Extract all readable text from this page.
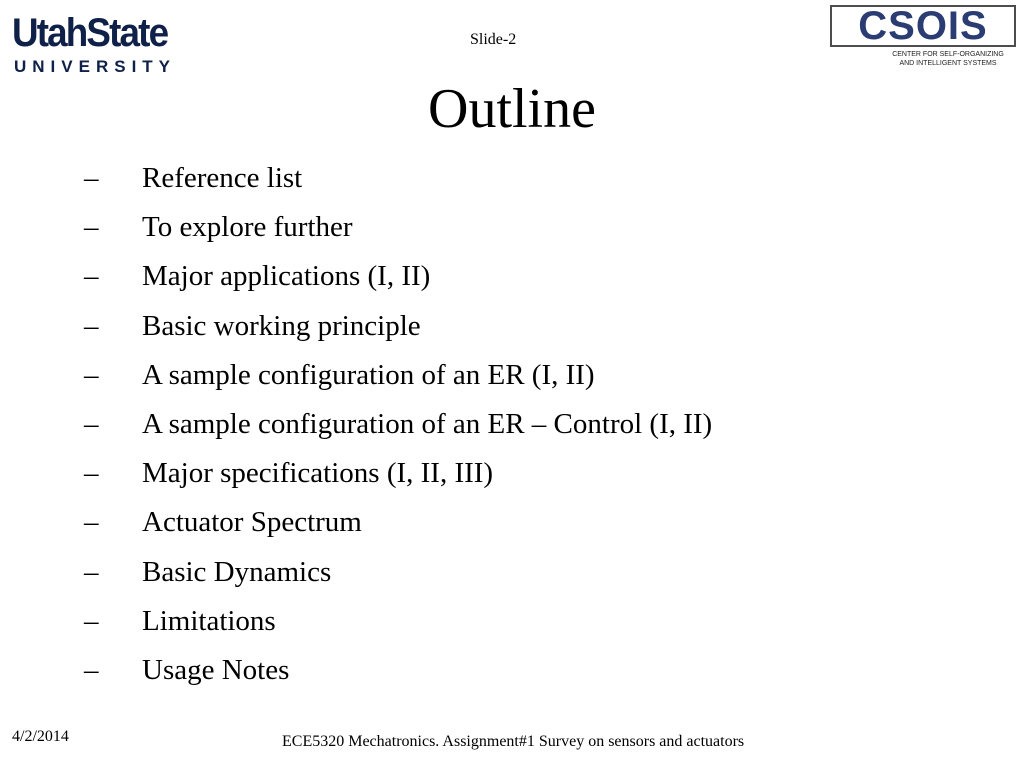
UtahState
UNIVERSITY
Slide-2	CSOIS
CENTER FOR SELF-ORGANIZING
AND INTELLIGENT SYSTEMS
Outline
– Reference list
– To explore further
– Major applications (I, II)
– Basic working principle
– A sample configuration of an ER (I, II)
– A sample configuration of an ER – Control (I, II)
– Major specifications (I, II, III)
– Actuator Spectrum
– Basic Dynamics
– Limitations
– Usage Notes
4/2/2014	ECE5320 Mechatronics. Assignment#1 Survey on sensors and actuators
